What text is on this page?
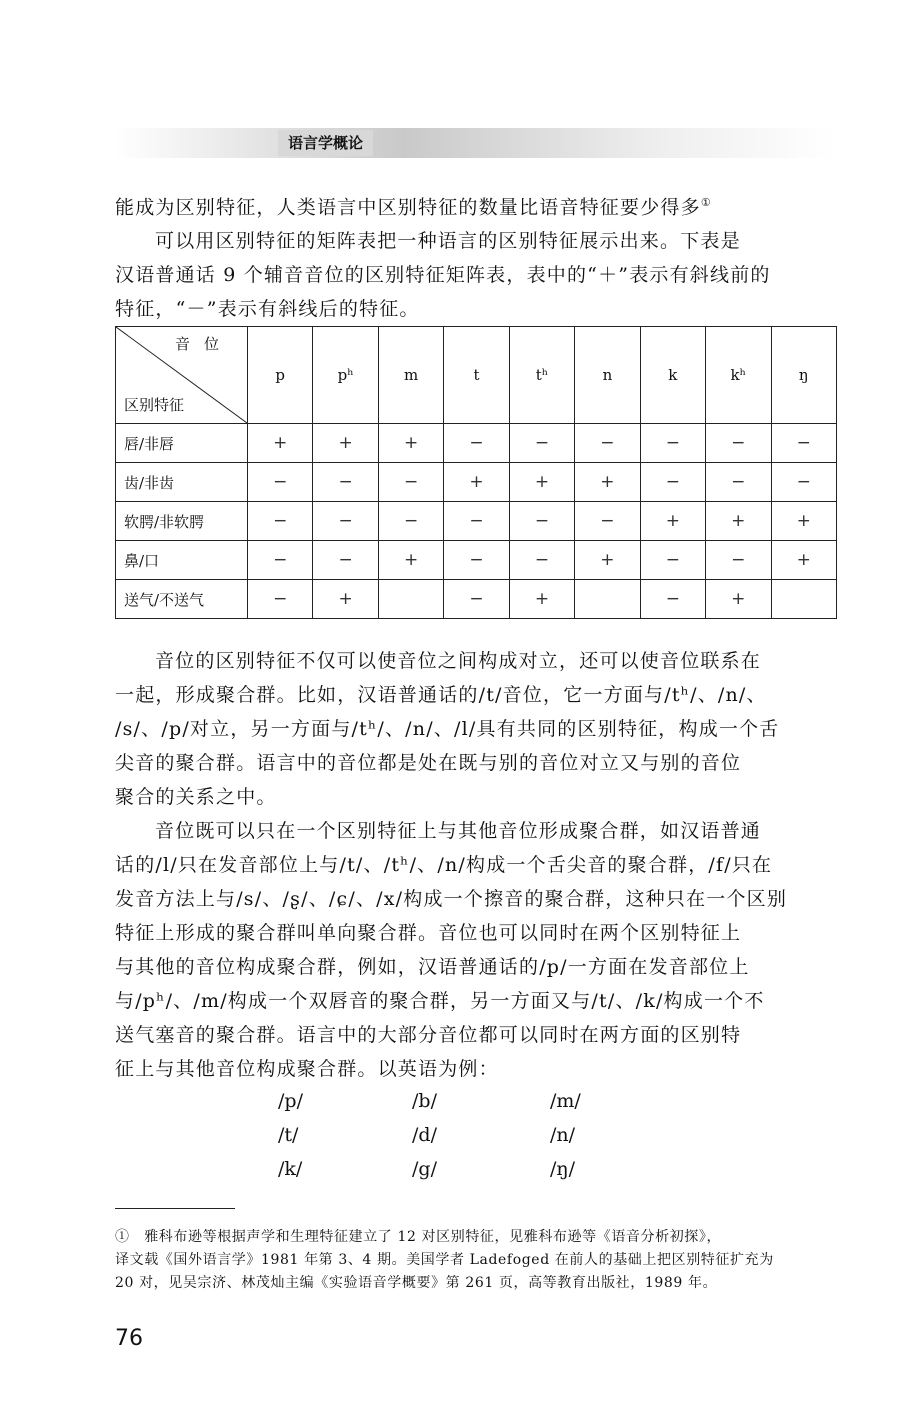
语言学概论

能成为区别特征，人类语言中区别特征的数量比语音特征要少得多①

可以用区别特征的矩阵表把一种语言的区别特征展示出来。下表是
汉语普通话 9 个辅音音位的区别特征矩阵表，表中的“＋”表示有斜线前的
特征，“－”表示有斜线后的特征。

音位
区别特征	p	pʰ	m	t	tʰ	n	k	kʰ	ŋ
唇/非唇	+	+	+	−	−	−	−	−	−
齿/非齿	−	−	−	+	+	+	−	−	−
软腭/非软腭	−	−	−	−	−	−	+	+	+
鼻/口	−	−	+	−	−	+	−	−	+
送气/不送气	−	+		−	+		−	+	

音位的区别特征不仅可以使音位之间构成对立，还可以使音位联系在
一起，形成聚合群。比如，汉语普通话的/t/音位，它一方面与/tʰ/、/n/、
/s/、/p/对立，另一方面与/tʰ/、/n/、/l/具有共同的区别特征，构成一个舌
尖音的聚合群。语言中的音位都是处在既与别的音位对立又与别的音位
聚合的关系之中。

音位既可以只在一个区别特征上与其他音位形成聚合群，如汉语普通
话的/l/只在发音部位上与/t/、/tʰ/、/n/构成一个舌尖音的聚合群，/f/只在
发音方法上与/s/、/ʂ/、/ɕ/、/x/构成一个擦音的聚合群，这种只在一个区别
特征上形成的聚合群叫单向聚合群。音位也可以同时在两个区别特征上
与其他的音位构成聚合群，例如，汉语普通话的/p/一方面在发音部位上
与/pʰ/、/m/构成一个双唇音的聚合群，另一方面又与/t/、/k/构成一个不
送气塞音的聚合群。语言中的大部分音位都可以同时在两方面的区别特
征上与其他音位构成聚合群。以英语为例：

/p/	/b/	/m/
/t/	/d/	/n/
/k/	/g/	/ŋ/

①　雅科布逊等根据声学和生理特征建立了 12 对区别特征，见雅科布逊等《语音分析初探》，
译文载《国外语言学》1981 年第 3、4 期。美国学者 Ladefoged 在前人的基础上把区别特征扩充为
20 对，见吴宗济、林茂灿主编《实验语音学概要》第 261 页，高等教育出版社，1989 年。

76
